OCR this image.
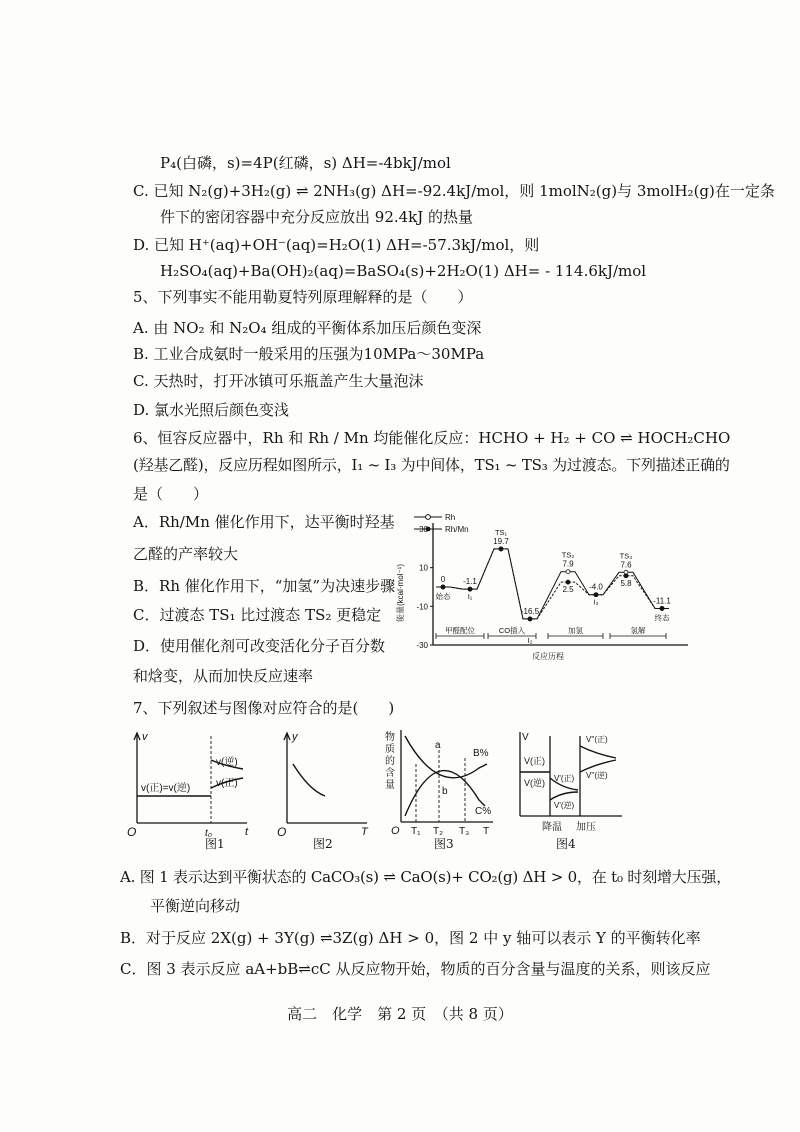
P₄(白磷，s)=4P(红磷，s) ΔH=-4bkJ/mol
C. 已知 N₂(g)+3H₂(g) ⇌ 2NH₃(g) ΔH=-92.4kJ/mol，则 1molN₂(g)与 3molH₂(g)在一定条
件下的密闭容器中充分反应放出 92.4kJ 的热量
D. 已知 H⁺(aq)+OH⁻(aq)=H₂O(1) ΔH=-57.3kJ/mol，则
H₂SO₄(aq)+Ba(OH)₂(aq)=BaSO₄(s)+2H₂O(1) ΔH= - 114.6kJ/mol
5、下列事实不能用勒夏特列原理解释的是（　　）
A. 由 NO₂ 和 N₂O₄ 组成的平衡体系加压后颜色变深
B. 工业合成氨时一般采用的压强为10MPa～30MPa
C. 天热时，打开冰镇可乐瓶盖产生大量泡沫
D. 氯水光照后颜色变浅
6、恒容反应器中，Rh 和 Rh / Mn 均能催化反应：HCHO + H₂ + CO ⇌ HOCH₂CHO
(羟基乙醛)，反应历程如图所示，I₁ ~ I₃ 为中间体，TS₁ ~ TS₃ 为过渡态。下列描述正确的
是（　　）
A．Rh/Mn 催化作用下，达平衡时羟基
乙醛的产率较大
B．Rh 催化作用下，“加氢”为决速步骤
C．过渡态 TS₁ 比过渡态 TS₂ 更稳定
D．使用催化剂可改变活化分子百分数
和焓变，从而加快反应速率
7、下列叙述与图像对应符合的是(　　)
A. 图 1 表示达到平衡状态的 CaCO₃(s) ⇌ CaO(s)+ CO₂(g) ΔH > 0，在 t₀ 时刻增大压强，
平衡逆向移动
B．对于反应 2X(g) + 3Y(g) ⇌3Z(g) ΔH > 0，图 2 中 y 轴可以表示 Y 的平衡转化率
C．图 3 表示反应 aA+bB⇌cC 从反应物开始，物质的百分含量与温度的关系，则该反应
高二　化学　第 2 页　（共 8 页）
Rh
Rh/Mn
30
10
-10
-30
能量(kcal·mol⁻¹)	0 -1.1
19.7
-16.5
7.9
-4.0
7.6
-11.1
2.5
5.8
始态 I₁
TS₁
I₂
TS₂
I₃
TS₃
终态
甲醛配位	CO插入	加氢	氢解
反应历程
v
t
O
v(正)=v(逆)
v(逆)
v(正)
t₀
图1
y
T
O
图2
物
质
的
含
量
a
b
B%
C%
O T₁ T₂ T₃ T
图3
V
V(正)
V(逆) V'(正)
V'(逆)
V''(正)
V''(逆)
降温 加压
图4
